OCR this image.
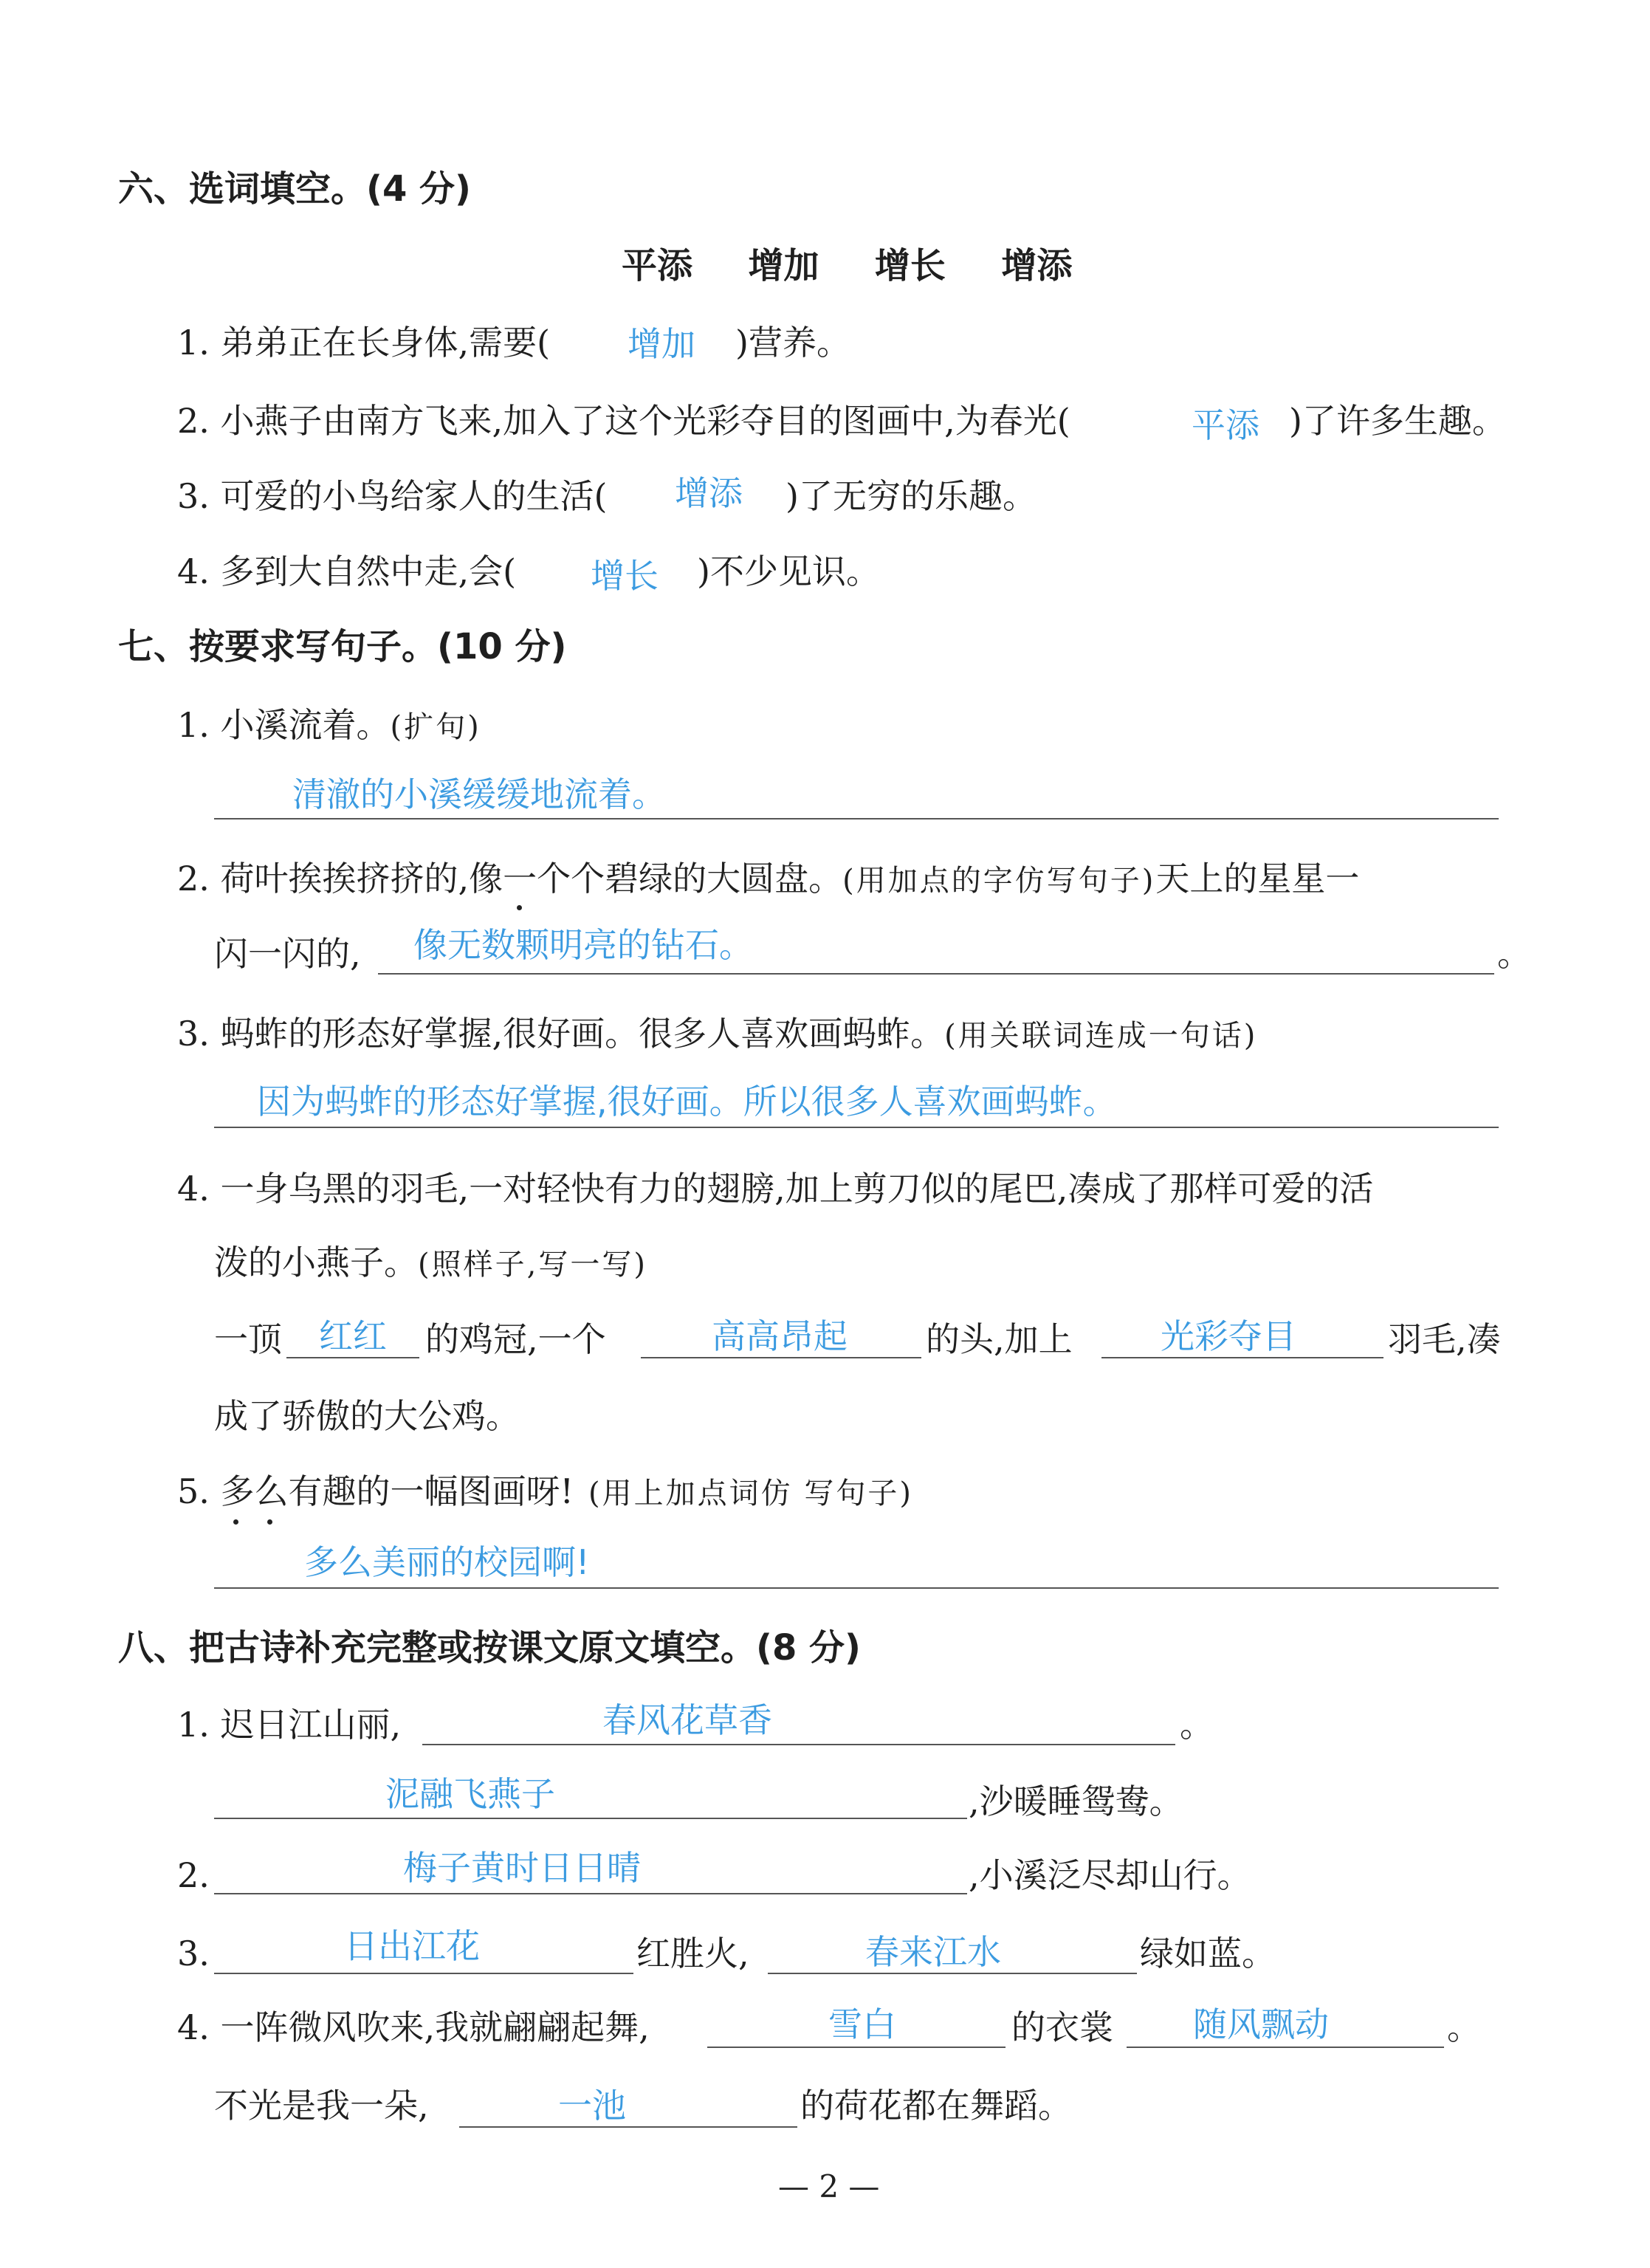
六、选词填空。(4 分)
平添 增加 增长 增添
1. 弟弟正在长身体,需要( 增加 )营养。
2. 小燕子由南方飞来,加入了这个光彩夺目的图画中,为春光(	平添 )了许多生趣。
3. 可爱的小鸟给家人的生活( 增添 )了无穷的乐趣。
4. 多到大自然中走,会( 增长 )不少见识。
七、按要求写句子。(10 分)
1. 小溪流着。(扩句)
清澈的小溪缓缓地流着。
2. 荷叶挨挨挤挤的,像一个个碧绿的大圆盘。(用加点的字仿写句子)天上的星星一
闪一闪的, 像无数颗明亮的钻石。	。
3. 蚂蚱的形态好掌握,很好画。很多人喜欢画蚂蚱。(用关联词连成一句话)
因为蚂蚱的形态好掌握,很好画。所以很多人喜欢画蚂蚱。
4. 一身乌黑的羽毛,一对轻快有力的翅膀,加上剪刀似的尾巴,凑成了那样可爱的活
泼的小燕子。(照样子,写一写)
一顶 红红 的鸡冠,一个	高高昂起 的头,加上	光彩夺目	羽毛,凑
成了骄傲的大公鸡。
5. 多么有趣的一幅图画呀! (用上加点词仿 写句子)
多么美丽的校园啊!
八、把古诗补充完整或按课文原文填空。(8 分)
1. 迟日江山丽,	春风花草香	。
泥融飞燕子	,沙暖睡鸳鸯。
2.	梅子黄时日日晴	,小溪泛尽却山行。
3.	日出江花	红胜火,	春来江水	绿如蓝。
4. 一阵微风吹来,我就翩翩起舞,	雪白	的衣裳 随风飘动	。
不光是我一朵,	一池	的荷花都在舞蹈。
— 2 —
